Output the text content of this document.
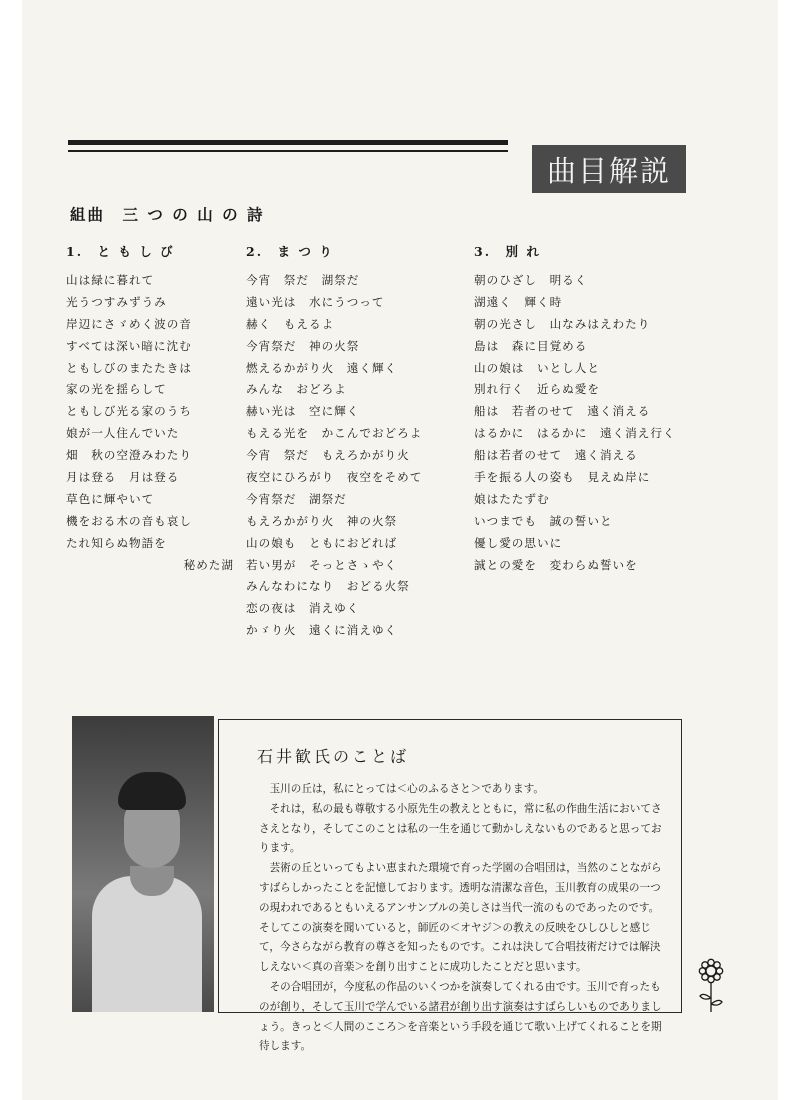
曲目解説
組曲　三 つ の 山 の 詩
1.　と も し び
山は緑に暮れて
光うつすみずうみ
岸辺にさゞめく波の音
すべては深い暗に沈む
ともしびのまたたきは
家の光を揺らして
ともしび光る家のうち
娘が一人住んでいた
畑　秋の空澄みわたり
月は登る　月は登る
草色に輝やいて
機をおる木の音も哀し
たれ知らぬ物語を
秘めた湖
2.　ま つ り
今宵　祭だ　湖祭だ
遠い光は　水にうつって
赫く　もえるよ
今宵祭だ　神の火祭
燃えるかがり火　遠く輝く
みんな　おどろよ
赫い光は　空に輝く
もえる光を　かこんでおどろよ
今宵　祭だ　もえろかがり火
夜空にひろがり　夜空をそめて
今宵祭だ　湖祭だ
もえろかがり火　神の火祭
山の娘も　ともにおどれば
若い男が　そっとさゝやく
みんなわになり　おどる火祭
恋の夜は　消えゆく
かゞり火　遠くに消えゆく
3.　別 れ
朝のひざし　明るく
湖遠く　輝く時
朝の光さし　山なみはえわたり
島は　森に目覚める
山の娘は　いとし人と
別れ行く　近らぬ愛を
船は　若者のせて　遠く消える
はるかに　はるかに　遠く消え行く
船は若者のせて　遠く消える
手を振る人の姿も　見えぬ岸に
娘はたたずむ
いつまでも　誠の誓いと
優し愛の思いに
誠との愛を　変わらぬ誓いを
石井歓氏のことば

玉川の丘は，私にとっては＜心のふるさと＞であります。

それは，私の最も尊敬する小原先生の教えとともに，常に私の作曲生活においてささえとなり，そしてこのことは私の一生を通じて動かしえないものであると思っております。

芸術の丘といってもよい恵まれた環境で育った学園の合唱団は，当然のことながらすばらしかったことを記憶しております。透明な清潔な音色，玉川教育の成果の一つの現われであるともいえるアンサンブルの美しさは当代一流のものであったのです。そしてこの演奏を聞いていると，師匠の＜オヤジ＞の教えの反映をひしひしと感じて，今さらながら教育の尊さを知ったものです。これは決して合唱技術だけでは解決しえない＜真の音楽＞を創り出すことに成功したことだと思います。

その合唱団が，今度私の作品のいくつかを演奏してくれる由です。玉川で育ったものが創り，そして玉川で学んでいる諸君が創り出す演奏はすばらしいものでありましょう。きっと＜人間のこころ＞を音楽という手段を通じて歌い上げてくれることを期待します。
